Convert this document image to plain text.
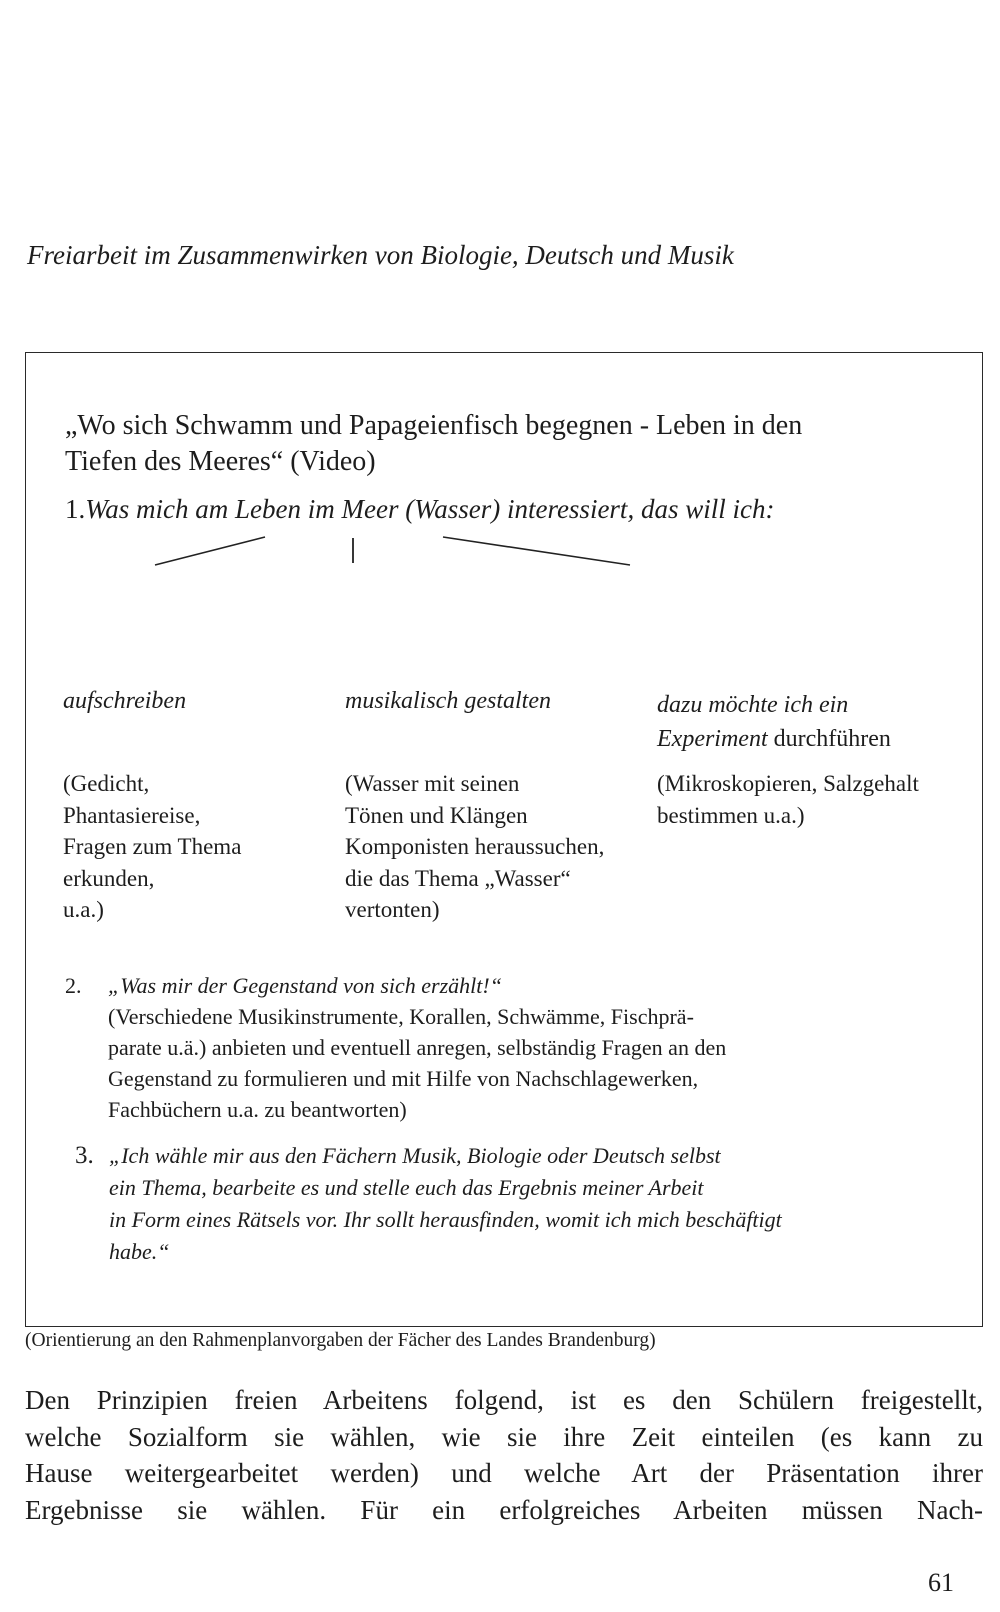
Freiarbeit im Zusammenwirken von Biologie, Deutsch und Musik
„Wo sich Schwamm und Papageienfisch begegnen - Leben in den
Tiefen des Meeres“ (Video)
1.Was mich am Leben im Meer (Wasser) interessiert, das will ich:
aufschreiben	musikalisch gestalten	dazu möchte ich ein
Experiment durchführen
(Gedicht,
Phantasiereise,
Fragen zum Thema
erkunden,
u.a.)
(Wasser mit seinen
Tönen und Klängen
Komponisten heraussuchen,
die das Thema „Wasser“
vertonten)
(Mikroskopieren, Salzgehalt
bestimmen u.a.)
2. „Was mir der Gegenstand von sich erzählt!“
(Verschiedene Musikinstrumente, Korallen, Schwämme, Fischprä-
parate u.ä.) anbieten und eventuell anregen, selbständig Fragen an den
Gegenstand zu formulieren und mit Hilfe von Nachschlagewerken,
Fachbüchern u.a. zu beantworten)
3. „Ich wähle mir aus den Fächern Musik, Biologie oder Deutsch selbst
ein Thema, bearbeite es und stelle euch das Ergebnis meiner Arbeit
in Form eines Rätsels vor. Ihr sollt herausfinden, womit ich mich beschäftigt
habe.“
(Orientierung an den Rahmenplanvorgaben der Fächer des Landes Brandenburg)
Den Prinzipien freien Arbeitens folgend, ist es den Schülern freigestellt,
welche Sozialform sie wählen, wie sie ihre Zeit einteilen (es kann zu
Hause weitergearbeitet werden) und welche Art der Präsentation ihrer
Ergebnisse sie wählen. Für ein erfolgreiches Arbeiten müssen Nach-
61
